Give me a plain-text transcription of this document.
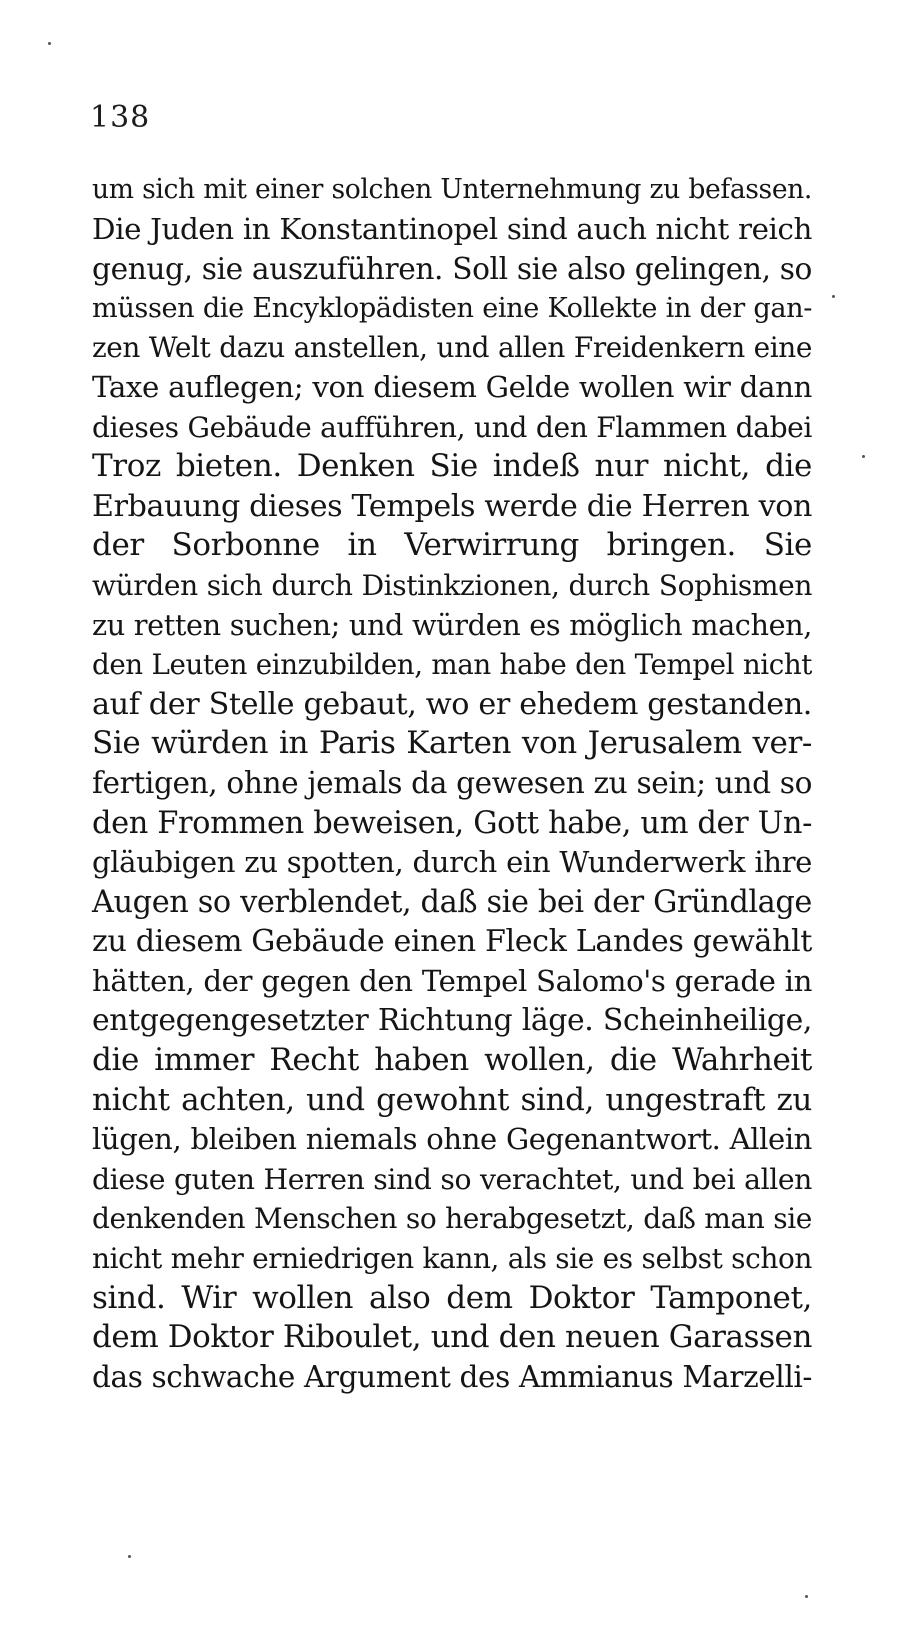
138
um sich mit einer solchen Unternehmung zu befassen.
Die Juden in Konstantinopel sind auch nicht reich
genug, sie auszuführen. Soll sie also gelingen, so
müssen die Encyklopädisten eine Kollekte in der gan-
zen Welt dazu anstellen, und allen Freidenkern eine
Taxe auflegen; von diesem Gelde wollen wir dann
dieses Gebäude aufführen, und den Flammen dabei
Troz bieten. Denken Sie indeß nur nicht, die
Erbauung dieses Tempels werde die Herren von
der Sorbonne in Verwirrung bringen. Sie
würden sich durch Distinkzionen, durch Sophismen
zu retten suchen; und würden es möglich machen,
den Leuten einzubilden, man habe den Tempel nicht
auf der Stelle gebaut, wo er ehedem gestanden.
Sie würden in Paris Karten von Jerusalem ver-
fertigen, ohne jemals da gewesen zu sein; und so
den Frommen beweisen, Gott habe, um der Un-
gläubigen zu spotten, durch ein Wunderwerk ihre
Augen so verblendet, daß sie bei der Gründlage
zu diesem Gebäude einen Fleck Landes gewählt
hätten, der gegen den Tempel Salomo's gerade in
entgegengesetzter Richtung läge. Scheinheilige,
die immer Recht haben wollen, die Wahrheit
nicht achten, und gewohnt sind, ungestraft zu
lügen, bleiben niemals ohne Gegenantwort. Allein
diese guten Herren sind so verachtet, und bei allen
denkenden Menschen so herabgesetzt, daß man sie
nicht mehr erniedrigen kann, als sie es selbst schon
sind. Wir wollen also dem Doktor Tamponet,
dem Doktor Riboulet, und den neuen Garassen
das schwache Argument des Ammianus Marzelli-
